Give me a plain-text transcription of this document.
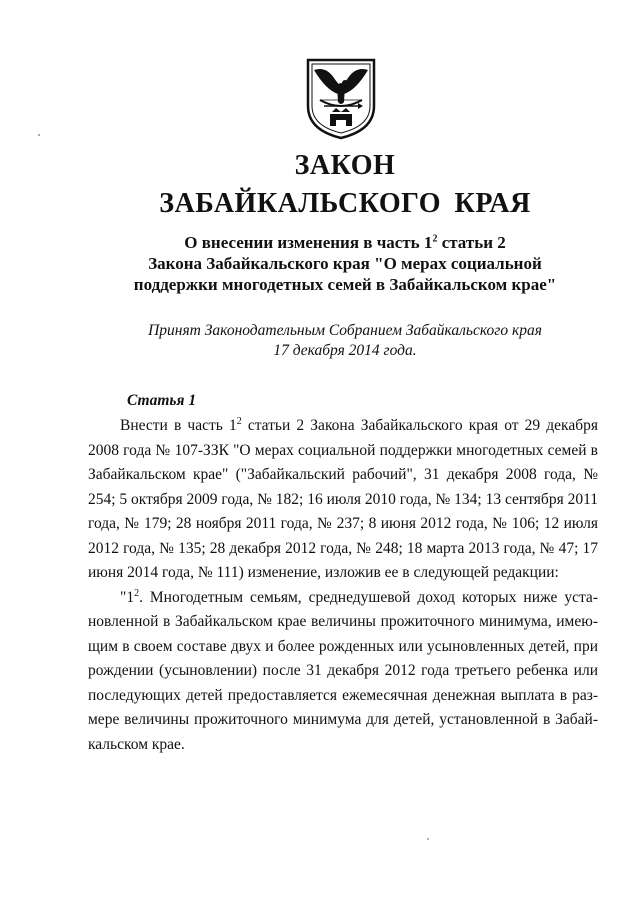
ЗАКОН
ЗАБАЙКАЛЬСКОГО КРАЯ
О внесении изменения в часть $1^2$ статьи 2
Закона Забайкальского края "О мерах социальной
поддержки многодетных семей в Забайкальском крае"
Принят Законодательным Собранием Забайкальского края
17 декабря 2014 года.
Статья 1

Внести в часть $1^2$ статьи 2 Закона Забайкальского края от 29 декабря 2008 года № 107-ЗЗК "О мерах социальной поддержки многодетных семей в Забайкальском крае" ("Забайкальский рабочий", 31 декабря 2008 года, № 254; 5 октября 2009 года, № 182; 16 июля 2010 года, № 134; 13 сентября 2011 года, № 179; 28 ноября 2011 года, № 237; 8 июня 2012 года, № 106; 12 июля 2012 года, № 135; 28 декабря 2012 года, № 248; 18 марта 2013 года, № 47; 17 июня 2014 года, № 111) изменение, изложив ее в следующей редакции:

"$1^2$. Многодетным семьям, среднедушевой доход которых ниже установленной в Забайкальском крае величины прожиточного минимума, имеющим в своем составе двух и более рожденных или усыновленных детей, при рождении (усыновлении) после 31 декабря 2012 года третьего ребенка или последующих детей предоставляется ежемесячная денежная выплата в размере величины прожиточного минимума для детей, установленной в Забайкальском крае.
